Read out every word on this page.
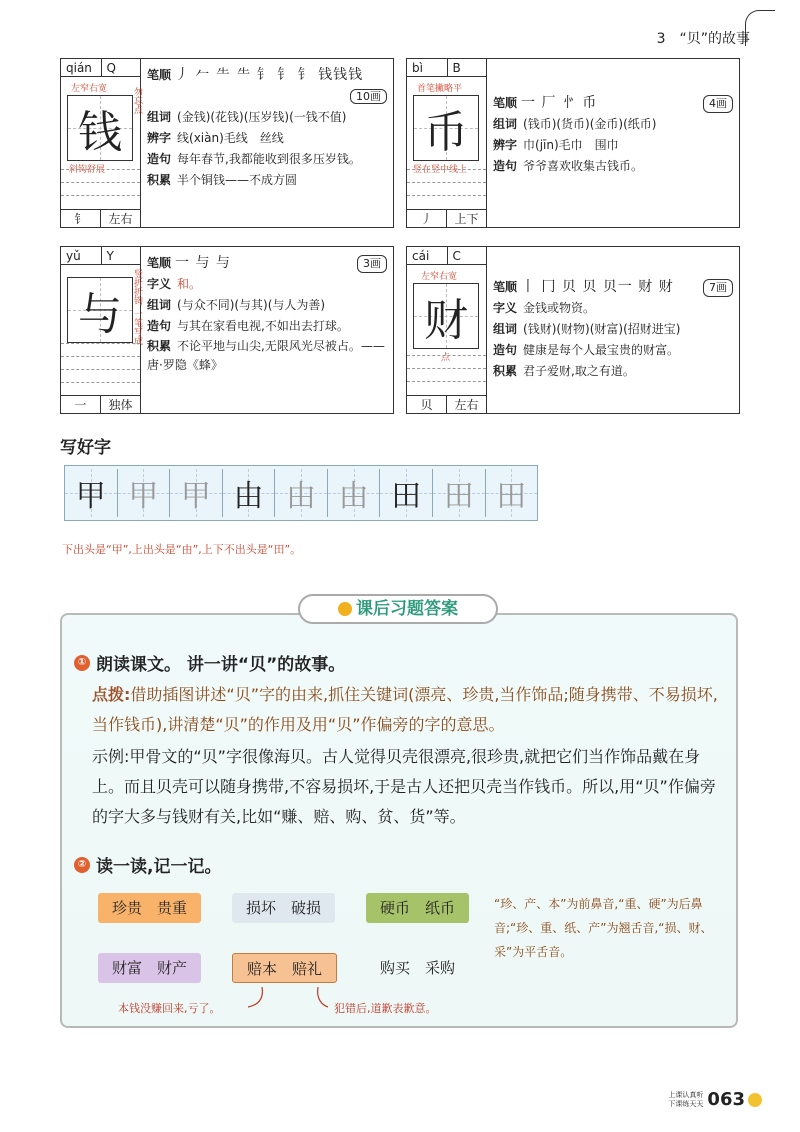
3　“贝”的故事
qián	Q
左窄右宽
钱
勿忘点
斜钩舒展
钅	左右
笔顺 丿 𠂉 ⺧ ⺧ 钅 钅 钅 钱钱钱
10画
组词 (金钱)(花钱)(压岁钱)(一钱不值)
辨字 线(xiàn)毛线　丝线
造句 每年春节,我都能收到很多压岁钱。
积累 半个铜钱——不成方圆
bì	B
首笔撇略平
币
竖在竖中线上
丿	上下
笔顺 一 厂 㣺 币	4画
组词 (钱币)(货币)(金币)(纸币)
辨字 巾(jīn)毛巾　围巾
造句 爷爷喜欢收集古钱币。
yǔ	Y
与
竖折折钩
一笔写成
一	独体
笔顺 一 与 与	3画
字义 和。
组词 (与众不同)(与其)(与人为善)
造句 与其在家看电视,不如出去打球。
积累 不论平地与山尖,无限风光尽被占。——唐·罗隐《蜂》
cái	C
左窄右宽
财
点
贝	左右
笔顺 丨 冂 贝 贝 贝一 财 财	7画
字义 金钱或物资。
组词 (钱财)(财物)(财富)(招财进宝)
造句 健康是每个人最宝贵的财富。
积累 君子爱财,取之有道。
写好字
甲 甲 甲 由 由 由 田 田 田
下出头是“甲”,上出头是“由”,上下不出头是“田”。
课后习题答案
① 朗读课文。 讲一讲“贝”的故事。
点拨:借助插图讲述“贝”字的由来,抓住关键词(漂亮、珍贵,当作饰品;随身携带、不易损坏,当作钱币),讲清楚“贝”的作用及用“贝”作偏旁的字的意思。
示例:甲骨文的“贝”字很像海贝。古人觉得贝壳很漂亮,很珍贵,就把它们当作饰品戴在身上。而且贝壳可以随身携带,不容易损坏,于是古人还把贝壳当作钱币。所以,用“贝”作偏旁的字大多与钱财有关,比如“赚、赔、购、贫、货”等。
② 读一读,记一记。
珍贵　贵重	损坏　破损	硬币　纸币
财富　财产	赔本　赔礼	购买　采购
“珍、产、本”为前鼻音,“重、硬”为后鼻音;“珍、重、纸、产”为翘舌音,“损、财、采”为平舌音。
本钱没赚回来,亏了。	犯错后,道歉表歉意。
上课认真听
下课练天天 063
